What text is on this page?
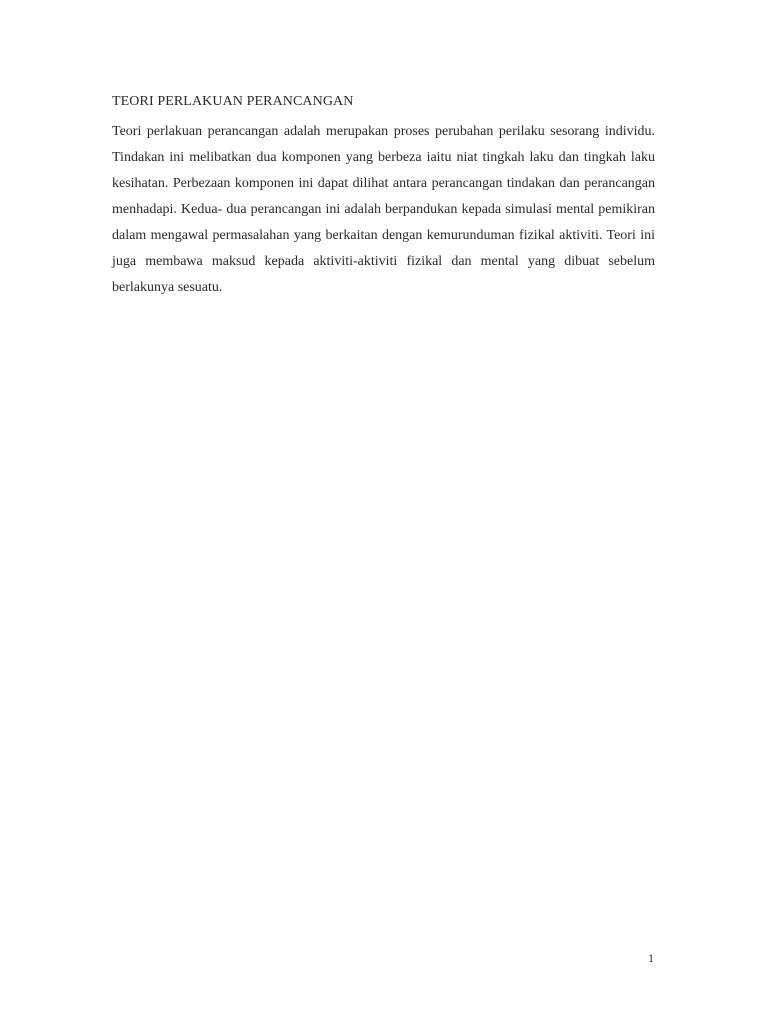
TEORI PERLAKUAN PERANCANGAN

Teori perlakuan perancangan adalah merupakan proses perubahan perilaku sesorang individu. Tindakan ini melibatkan dua komponen yang berbeza iaitu niat tingkah laku dan tingkah laku kesihatan. Perbezaan komponen ini dapat dilihat antara perancangan tindakan dan perancangan menhadapi. Kedua- dua perancangan ini adalah berpandukan kepada simulasi mental pemikiran dalam mengawal permasalahan yang berkaitan dengan kemurunduman fizikal aktiviti. Teori ini juga membawa maksud kepada aktiviti-aktiviti fizikal dan mental yang dibuat sebelum berlakunya sesuatu.

1
